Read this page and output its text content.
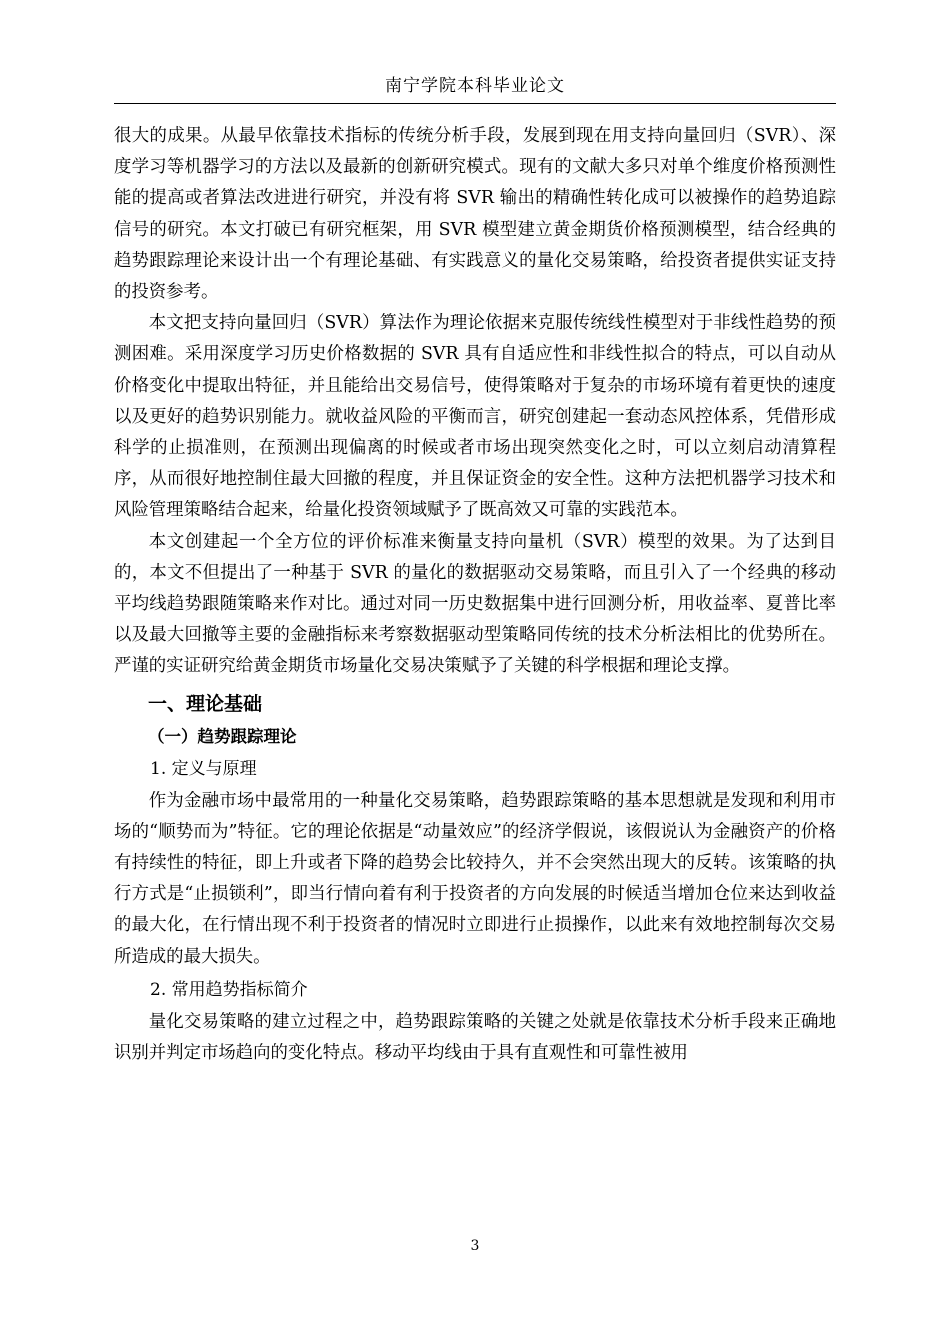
南宁学院本科毕业论文

很大的成果。从最早依靠技术指标的传统分析手段，发展到现在用支持向量回归（SVR）、深度学习等机器学习的方法以及最新的创新研究模式。现有的文献大多只对单个维度价格预测性能的提高或者算法改进进行研究，并没有将 SVR 输出的精确性转化成可以被操作的趋势追踪信号的研究。本文打破已有研究框架，用 SVR 模型建立黄金期货价格预测模型，结合经典的趋势跟踪理论来设计出一个有理论基础、有实践意义的量化交易策略，给投资者提供实证支持的投资参考。

本文把支持向量回归（SVR）算法作为理论依据来克服传统线性模型对于非线性趋势的预测困难。采用深度学习历史价格数据的 SVR 具有自适应性和非线性拟合的特点，可以自动从价格变化中提取出特征，并且能给出交易信号，使得策略对于复杂的市场环境有着更快的速度以及更好的趋势识别能力。就收益风险的平衡而言，研究创建起一套动态风控体系，凭借形成科学的止损准则，在预测出现偏离的时候或者市场出现突然变化之时，可以立刻启动清算程序，从而很好地控制住最大回撤的程度，并且保证资金的安全性。这种方法把机器学习技术和风险管理策略结合起来，给量化投资领域赋予了既高效又可靠的实践范本。

本文创建起一个全方位的评价标准来衡量支持向量机（SVR）模型的效果。为了达到目的，本文不但提出了一种基于 SVR 的量化的数据驱动交易策略，而且引入了一个经典的移动平均线趋势跟随策略来作对比。通过对同一历史数据集中进行回测分析，用收益率、夏普比率以及最大回撤等主要的金融指标来考察数据驱动型策略同传统的技术分析法相比的优势所在。严谨的实证研究给黄金期货市场量化交易决策赋予了关键的科学根据和理论支撑。

一、理论基础
（一）趋势跟踪理论
1. 定义与原理

作为金融市场中最常用的一种量化交易策略，趋势跟踪策略的基本思想就是发现和利用市场的“顺势而为”特征。它的理论依据是“动量效应”的经济学假说，该假说认为金融资产的价格有持续性的特征，即上升或者下降的趋势会比较持久，并不会突然出现大的反转。该策略的执行方式是“止损锁利”，即当行情向着有利于投资者的方向发展的时候适当增加仓位来达到收益的最大化，在行情出现不利于投资者的情况时立即进行止损操作，以此来有效地控制每次交易所造成的最大损失。

2. 常用趋势指标简介

量化交易策略的建立过程之中，趋势跟踪策略的关键之处就是依靠技术分析手段来正确地识别并判定市场趋向的变化特点。移动平均线由于具有直观性和可靠性被用

3
